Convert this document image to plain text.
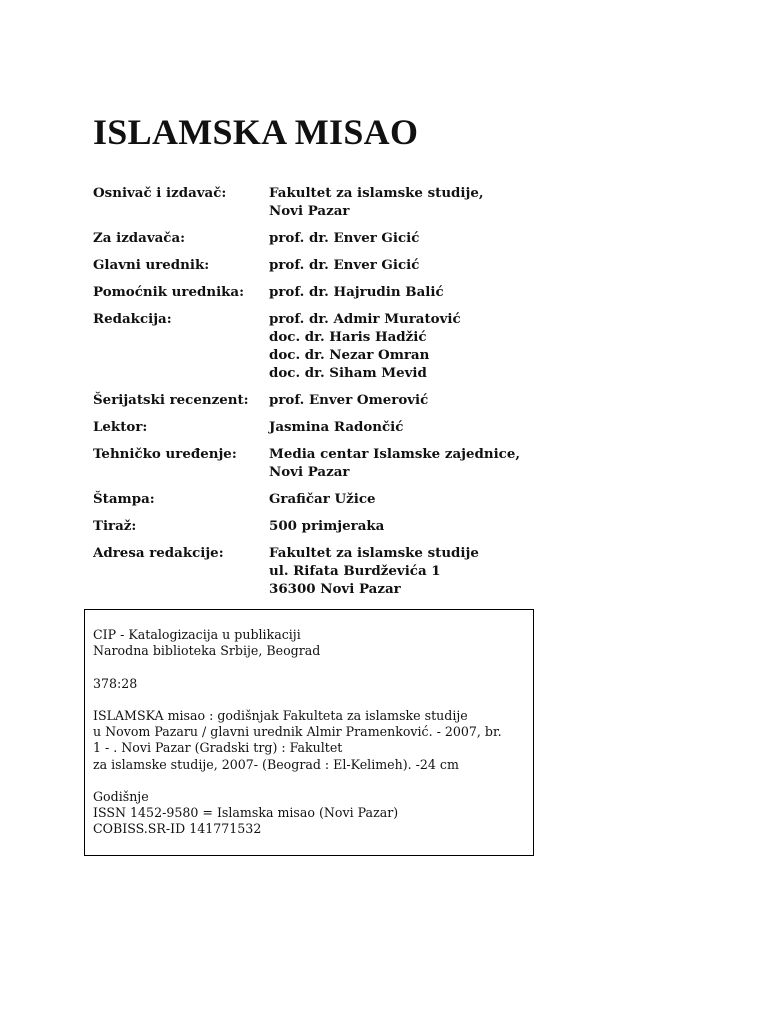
ISLAMSKA MISAO
Osnivač i izdavač:	Fakultet za islamske studije,
Novi Pazar
Za izdavača:	prof. dr. Enver Gicić
Glavni urednik:	prof. dr. Enver Gicić
Pomoćnik urednika:	prof. dr. Hajrudin Balić
Redakcija:	prof. dr. Admir Muratović
doc. dr. Haris Hadžić
doc. dr. Nezar Omran
doc. dr. Siham Mevid
Šerijatski recenzent:	prof. Enver Omerović
Lektor:	Jasmina Radončić
Tehničko uređenje:	Media centar Islamske zajednice,
Novi Pazar
Štampa:	Grafičar Užice
Tiraž:	500 primjeraka
Adresa redakcije:	Fakultet za islamske studije
ul. Rifata Burdževića 1
36300 Novi Pazar
CIP - Katalogizacija u publikaciji
Narodna biblioteka Srbije, Beograd
378:28
ISLAMSKA misao : godišnjak Fakulteta za islamske studije
u Novom Pazaru / glavni urednik Almir Pramenković. - 2007, br.
1 - . Novi Pazar (Gradski trg) : Fakultet
za islamske studije, 2007- (Beograd : El-Kelimeh). -24 cm
Godišnje
ISSN 1452-9580 = Islamska misao (Novi Pazar)
COBISS.SR-ID 141771532
